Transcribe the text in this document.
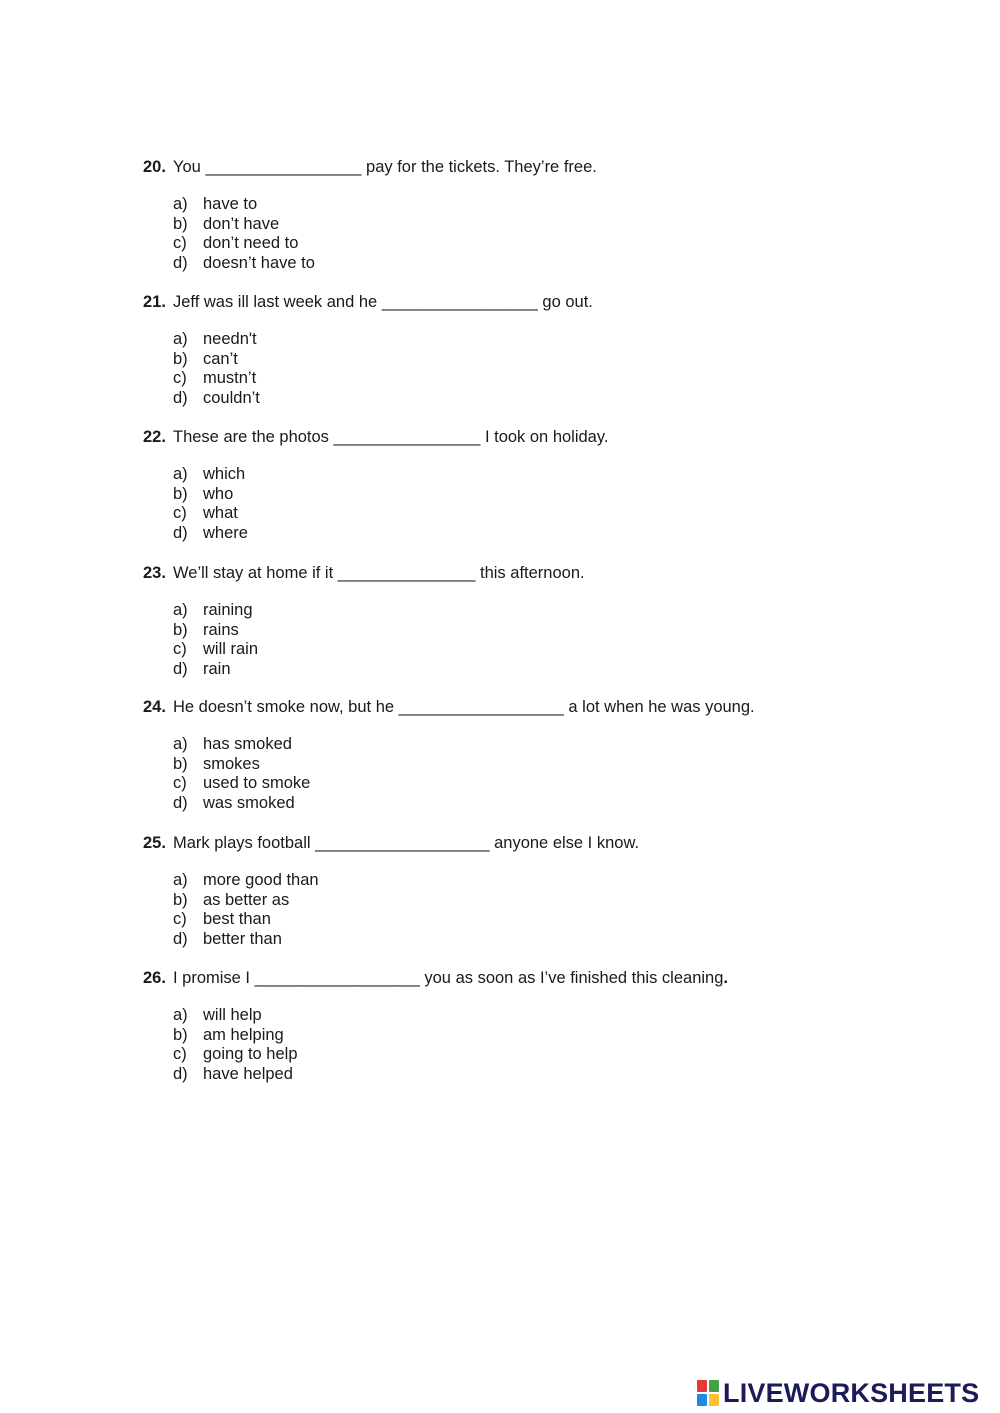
20. You _________________ pay for the tickets. They’re free.
a) have to
b) don’t have
c) don’t need to
d) doesn’t have to
21. Jeff was ill last week and he _________________ go out.
a) needn't
b) can’t
c) mustn’t
d) couldn’t
22. These are the photos ________________ I took on holiday.
a) which
b) who
c) what
d) where
23. We’ll stay at home if it _______________ this afternoon.
a) raining
b) rains
c) will rain
d) rain
24. He doesn’t smoke now, but he __________________ a lot when he was young.
a) has smoked
b) smokes
c) used to smoke
d) was smoked
25. Mark plays football ___________________ anyone else I know.
a) more good than
b) as better as
c) best than
d) better than
26. I promise I __________________ you as soon as I’ve finished this cleaning.
a) will help
b) am helping
c) going to help
d) have helped
LIVEWORKSHEETS
